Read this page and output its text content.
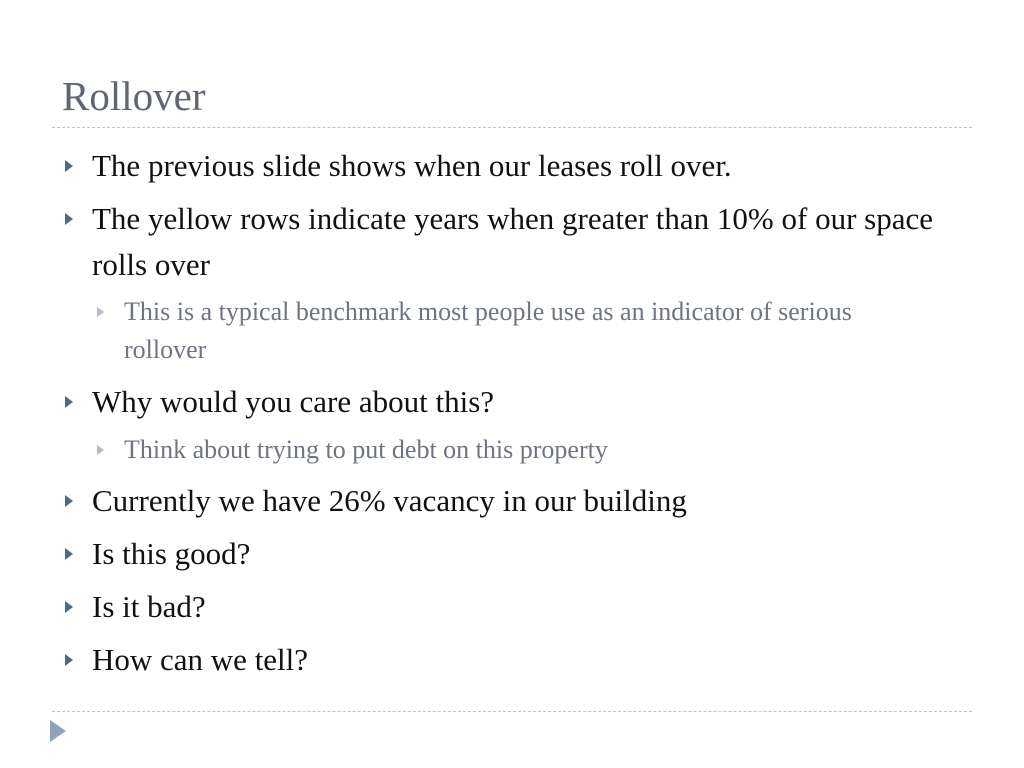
Rollover
The previous slide shows when our leases roll over.
The yellow rows indicate years when greater than 10% of our space rolls over
This is a typical benchmark most people use as an indicator of serious rollover
Why would you care about this?
Think about trying to put debt on this property
Currently we have 26% vacancy in our building
Is this good?
Is it bad?
How can we tell?
